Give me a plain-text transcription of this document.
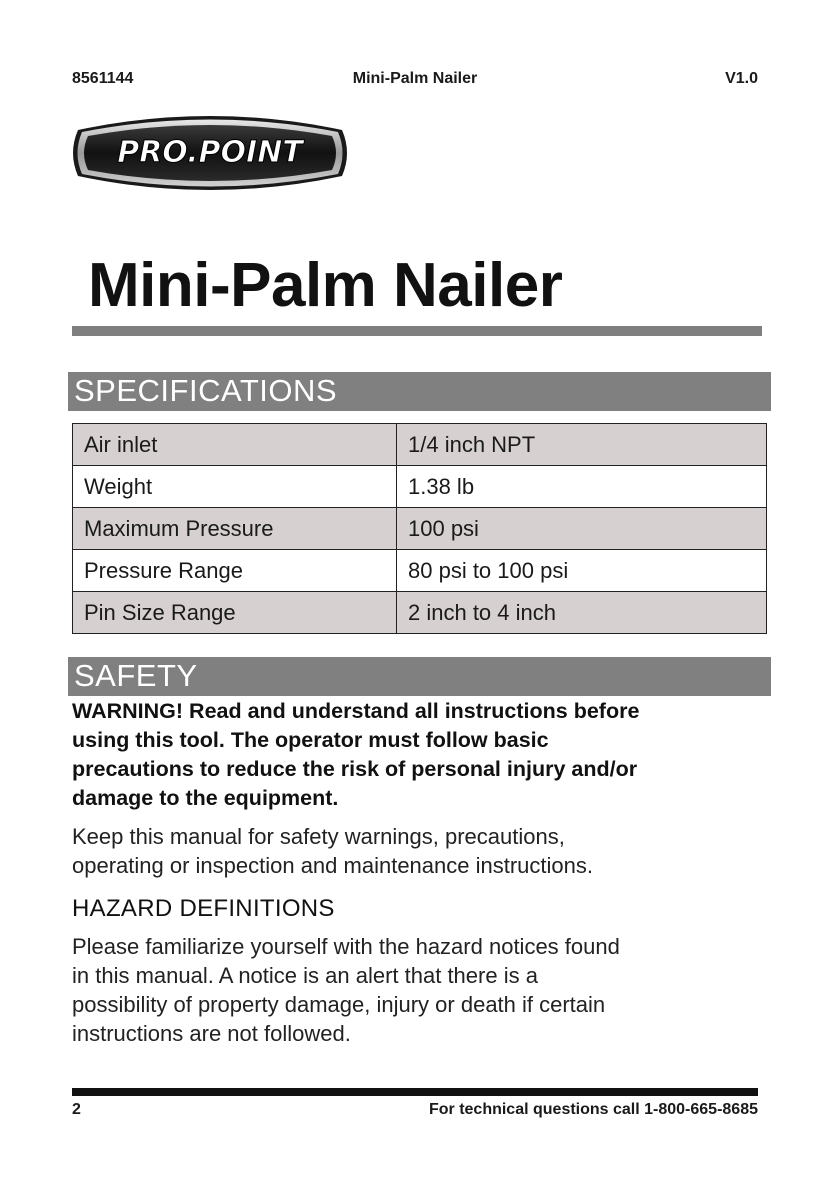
8561144	Mini-Palm Nailer	V1.0
PRO.POINT
Mini-Palm Nailer
SPECIFICATIONS
Air inlet	1/4 inch NPT
Weight	1.38 lb
Maximum Pressure	100 psi
Pressure Range	80 psi to 100 psi
Pin Size Range	2 inch to 4 inch
SAFETY
WARNING! Read and understand all instructions before
using this tool. The operator must follow basic
precautions to reduce the risk of personal injury and/or
damage to the equipment.
Keep this manual for safety warnings, precautions,
operating or inspection and maintenance instructions.
HAZARD DEFINITIONS
Please familiarize yourself with the hazard notices found
in this manual. A notice is an alert that there is a
possibility of property damage, injury or death if certain
instructions are not followed.
2	For technical questions call 1-800-665-8685
